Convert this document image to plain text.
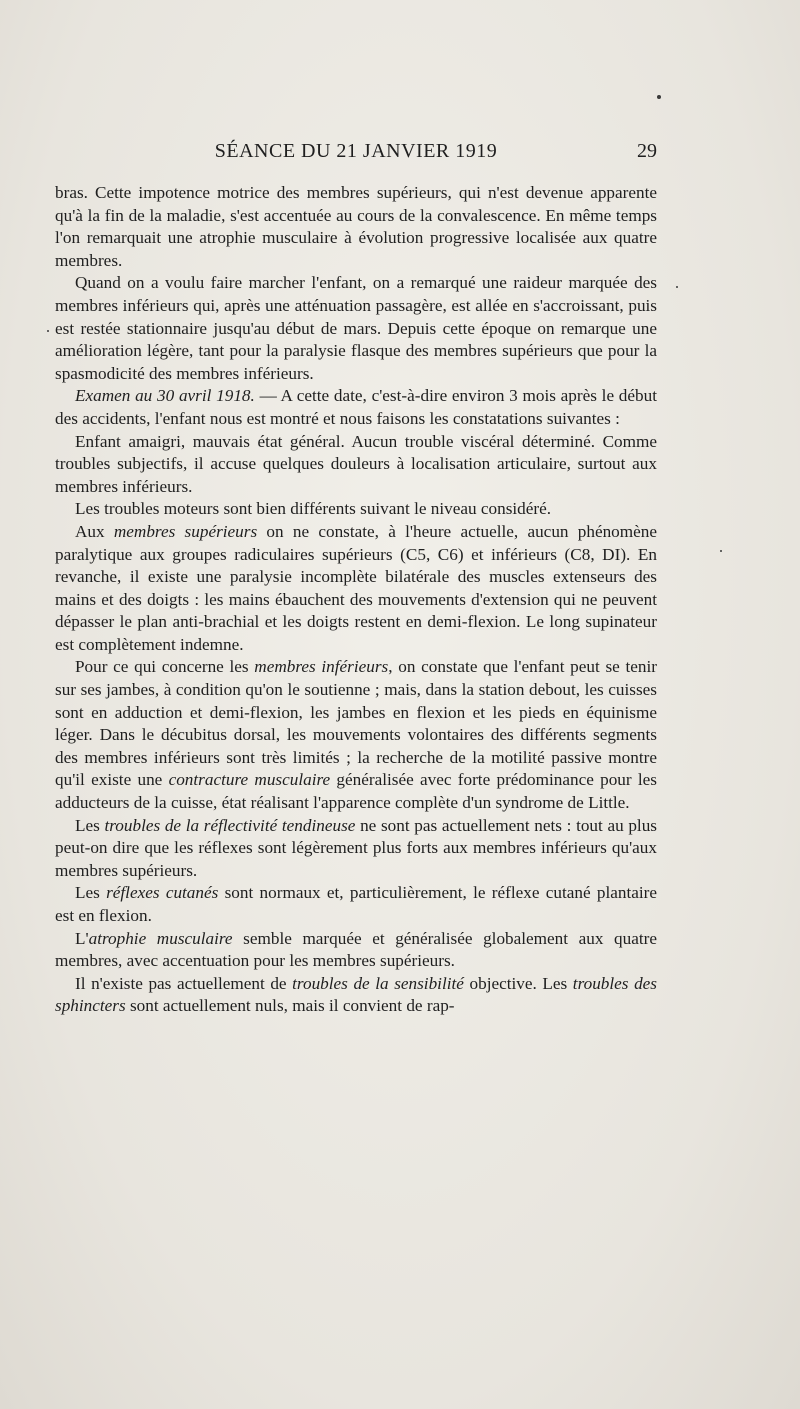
SÉANCE DU 21 JANVIER 1919	29

bras. Cette impotence motrice des membres supérieurs, qui n'est devenue apparente qu'à la fin de la maladie, s'est accentuée au cours de la convalescence. En même temps l'on remarquait une atrophie musculaire à évolution progressive localisée aux quatre membres.

Quand on a voulu faire marcher l'enfant, on a remarqué une raideur marquée des membres inférieurs qui, après une atténuation passagère, est allée en s'accroissant, puis est restée stationnaire jusqu'au début de mars. Depuis cette époque on remarque une amélioration légère, tant pour la paralysie flasque des membres supérieurs que pour la spasmodicité des membres inférieurs.

Examen au 30 avril 1918. — A cette date, c'est-à-dire environ 3 mois après le début des accidents, l'enfant nous est montré et nous faisons les constatations suivantes :

Enfant amaigri, mauvais état général. Aucun trouble viscéral déterminé. Comme troubles subjectifs, il accuse quelques douleurs à localisation articulaire, surtout aux membres inférieurs.

Les troubles moteurs sont bien différents suivant le niveau considéré.

Aux membres supérieurs on ne constate, à l'heure actuelle, aucun phénomène paralytique aux groupes radiculaires supérieurs (C5, C6) et inférieurs (C8, DI). En revanche, il existe une paralysie incomplète bilatérale des muscles extenseurs des mains et des doigts : les mains ébauchent des mouvements d'extension qui ne peuvent dépasser le plan anti-brachial et les doigts restent en demi-flexion. Le long supinateur est complètement indemne.

Pour ce qui concerne les membres inférieurs, on constate que l'enfant peut se tenir sur ses jambes, à condition qu'on le soutienne ; mais, dans la station debout, les cuisses sont en adduction et demi-flexion, les jambes en flexion et les pieds en équinisme léger. Dans le décubitus dorsal, les mouvements volontaires des différents segments des membres inférieurs sont très limités ; la recherche de la motilité passive montre qu'il existe une contracture musculaire généralisée avec forte prédominance pour les adducteurs de la cuisse, état réalisant l'apparence complète d'un syndrome de Little.

Les troubles de la réflectivité tendineuse ne sont pas actuellement nets : tout au plus peut-on dire que les réflexes sont légèrement plus forts aux membres inférieurs qu'aux membres supérieurs.

Les réflexes cutanés sont normaux et, particulièrement, le réflexe cutané plantaire est en flexion.

L'atrophie musculaire semble marquée et généralisée globalement aux quatre membres, avec accentuation pour les membres supérieurs.

Il n'existe pas actuellement de troubles de la sensibilité objective. Les troubles des sphincters sont actuellement nuls, mais il convient de rap-
